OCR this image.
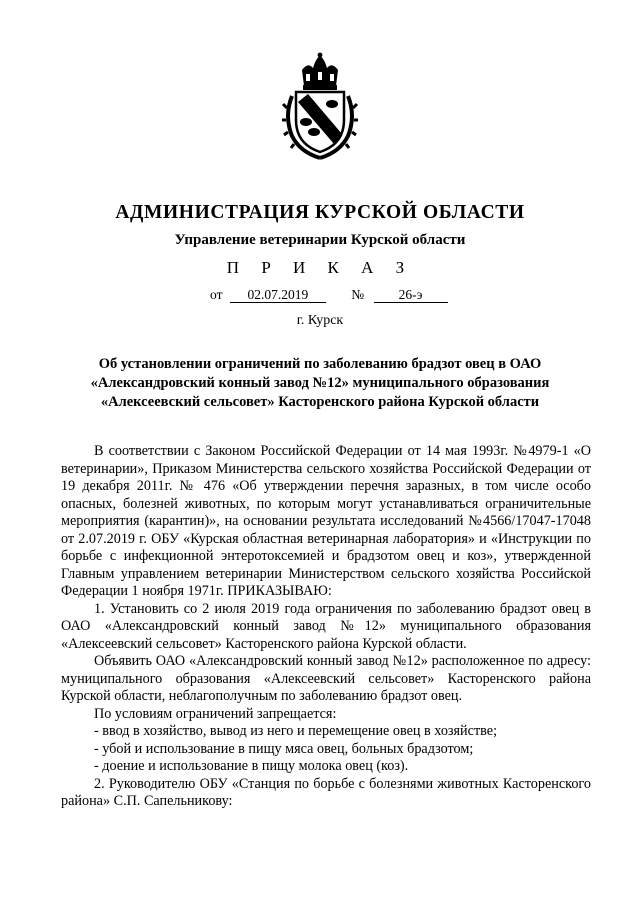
АДМИНИСТРАЦИЯ КУРСКОЙ ОБЛАСТИ
Управление ветеринарии Курской области
П Р И К А З
от 02.07.2019	№	26-э
г. Курск
Об установлении ограничений по заболеванию брадзот овец в ОАО «Александровский конный завод №12» муниципального образования «Алексеевский сельсовет» Касторенского района Курской области

В соответствии с Законом Российской Федерации от 14 мая 1993г. №4979-1 «О ветеринарии», Приказом Министерства сельского хозяйства Российской Федерации от 19 декабря 2011г. № 476 «Об утверждении перечня заразных, в том числе особо опасных, болезней животных, по которым могут устанавливаться ограничительные мероприятия (карантин)», на основании результата исследований №4566/17047-17048 от 2.07.2019 г. ОБУ «Курская областная ветеринарная лаборатория» и «Инструкции по борьбе с инфекционной энтеротоксемией и брадзотом овец и коз», утвержденной Главным управлением ветеринарии Министерством сельского хозяйства Российской Федерации 1 ноября 1971г. ПРИКАЗЫВАЮ:

1. Установить со 2 июля 2019 года ограничения по заболеванию брадзот овец в ОАО «Александровский конный завод №12» муниципального образования «Алексеевский сельсовет» Касторенского района Курской области.

Объявить ОАО «Александровский конный завод №12» расположенное по адресу: муниципального образования «Алексеевский сельсовет» Касторенского района Курской области, неблагополучным по заболеванию брадзот овец.

По условиям ограничений запрещается:

- ввод в хозяйство, вывод из него и перемещение овец в хозяйстве;

- убой и использование в пищу мяса овец, больных брадзотом;

- доение и использование в пищу молока овец (коз).

2. Руководителю ОБУ «Станция по борьбе с болезнями животных Касторенского района» С.П. Сапельникову:
